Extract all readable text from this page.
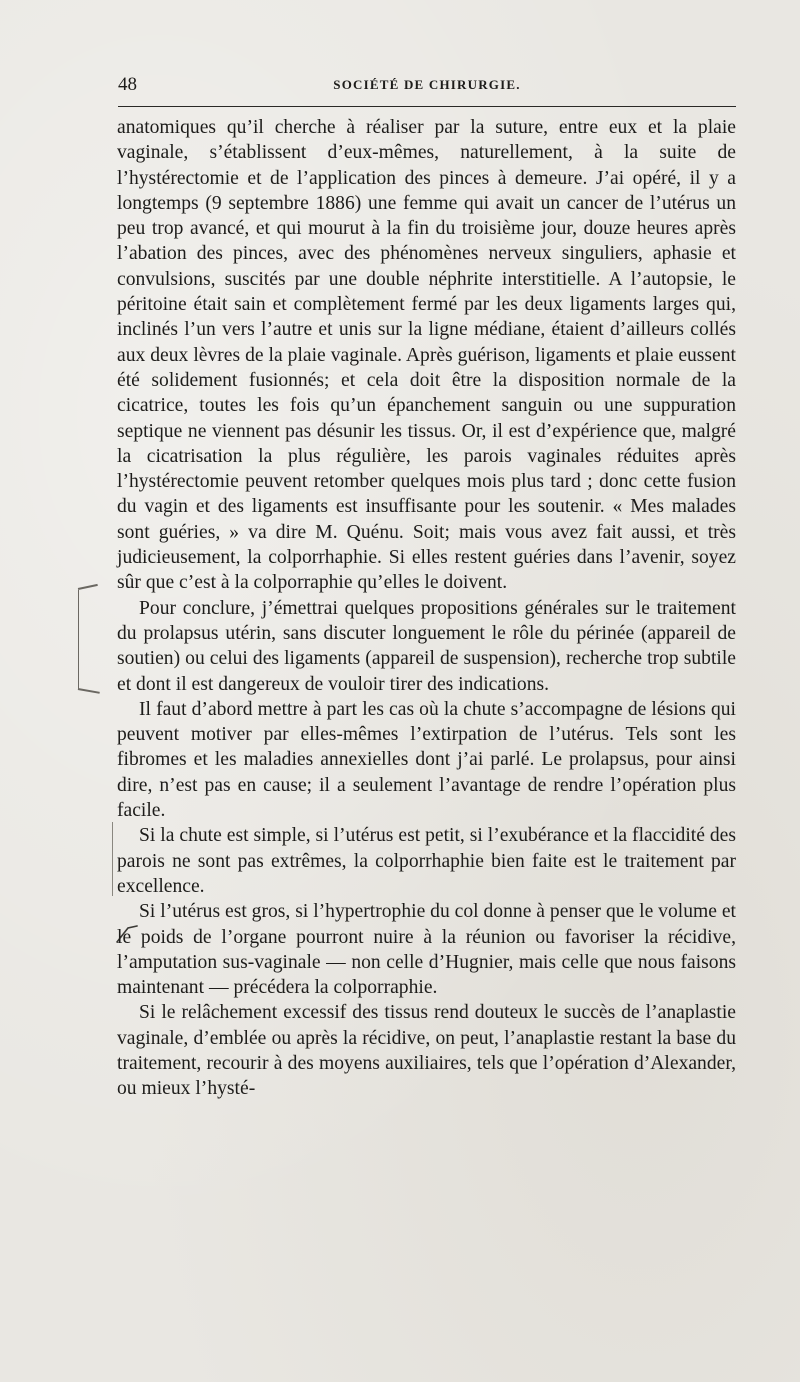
48	SOCIÉTÉ DE CHIRURGIE.

anatomiques qu’il cherche à réaliser par la suture, entre eux et la plaie vaginale, s’établissent d’eux-mêmes, naturellement, à la suite de l’hystérectomie et de l’application des pinces à demeure. J’ai opéré, il y a longtemps (9 septembre 1886) une femme qui avait un cancer de l’utérus un peu trop avancé, et qui mourut à la fin du troisième jour, douze heures après l’abation des pinces, avec des phénomènes nerveux singuliers, aphasie et convulsions, suscités par une double néphrite interstitielle. A l’autopsie, le péritoine était sain et complètement fermé par les deux ligaments larges qui, inclinés l’un vers l’autre et unis sur la ligne médiane, étaient d’ailleurs collés aux deux lèvres de la plaie vaginale. Après guérison, ligaments et plaie eussent été solidement fusionnés; et cela doit être la disposition normale de la cicatrice, toutes les fois qu’un épanchement sanguin ou une suppuration septique ne viennent pas désunir les tissus. Or, il est d’expérience que, malgré la cicatrisation la plus régulière, les parois vaginales réduites après l’hystérectomie peuvent retomber quelques mois plus tard ; donc cette fusion du vagin et des ligaments est insuffisante pour les soutenir. « Mes malades sont guéries, » va dire M. Quénu. Soit; mais vous avez fait aussi, et très judicieusement, la colporrhaphie. Si elles restent guéries dans l’avenir, soyez sûr que c’est à la colporraphie qu’elles le doivent.

Pour conclure, j’émettrai quelques propositions générales sur le traitement du prolapsus utérin, sans discuter longuement le rôle du périnée (appareil de soutien) ou celui des ligaments (appareil de suspension), recherche trop subtile et dont il est dangereux de vouloir tirer des indications.

Il faut d’abord mettre à part les cas où la chute s’accompagne de lésions qui peuvent motiver par elles-mêmes l’extirpation de l’utérus. Tels sont les fibromes et les maladies annexielles dont j’ai parlé. Le prolapsus, pour ainsi dire, n’est pas en cause; il a seulement l’avantage de rendre l’opération plus facile.

Si la chute est simple, si l’utérus est petit, si l’exubérance et la flaccidité des parois ne sont pas extrêmes, la colporrhaphie bien faite est le traitement par excellence.

Si l’utérus est gros, si l’hypertrophie du col donne à penser que le volume et le poids de l’organe pourront nuire à la réunion ou favoriser la récidive, l’amputation sus-vaginale — non celle d’Hugnier, mais celle que nous faisons maintenant — précédera la colporraphie.

Si le relâchement excessif des tissus rend douteux le succès de l’anaplastie vaginale, d’emblée ou après la récidive, on peut, l’anaplastie restant la base du traitement, recourir à des moyens auxiliaires, tels que l’opération d’Alexander, ou mieux l’hysté-
